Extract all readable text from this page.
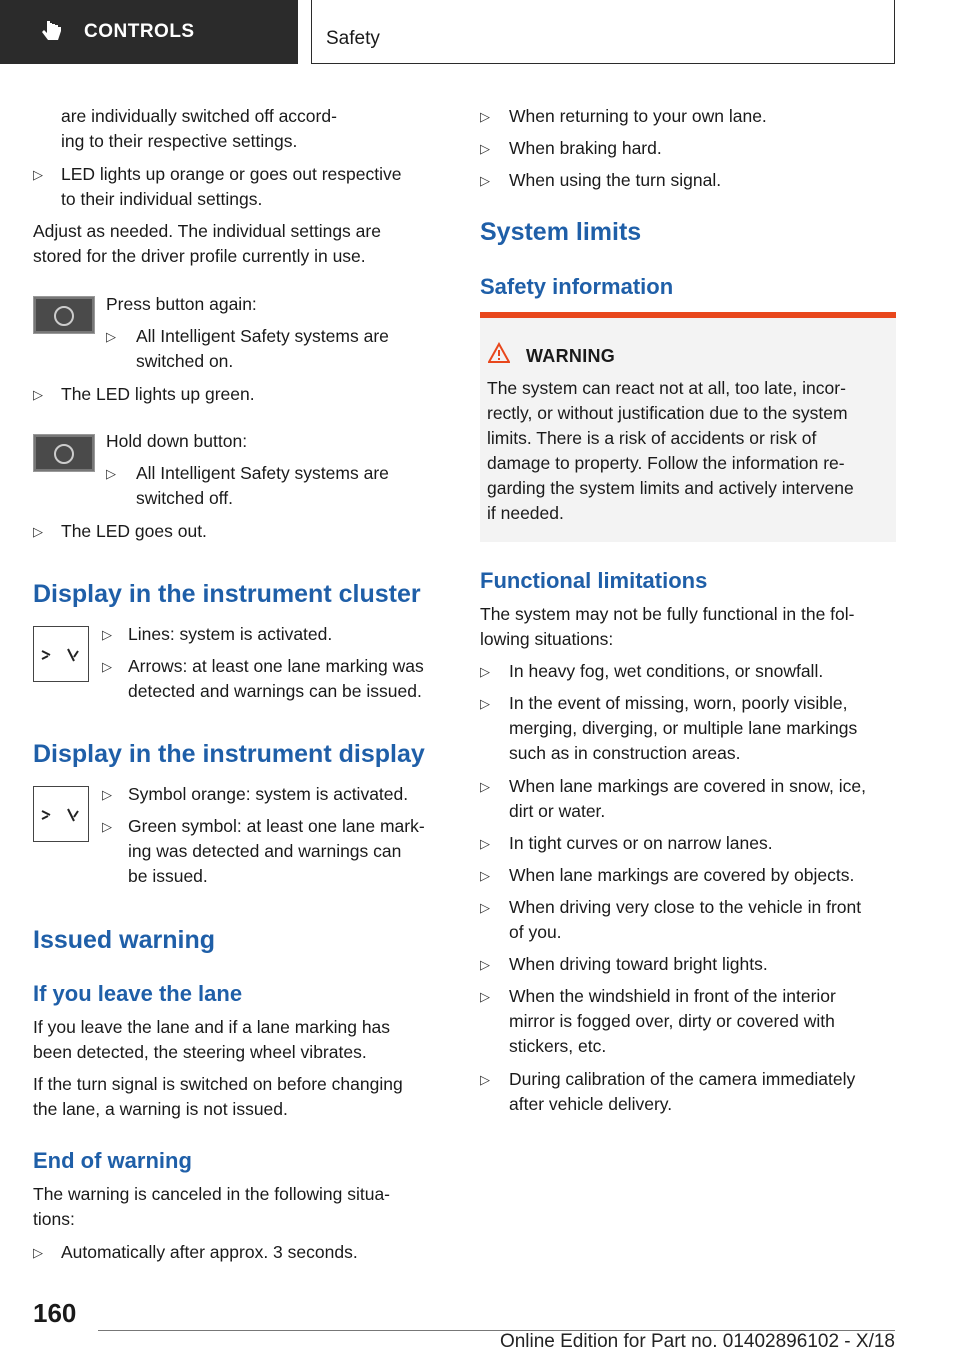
CONTROLS	Safety
are individually switched off accord-
ing to their respective settings.
▷ LED lights up orange or goes out respective
to their individual settings.

Adjust as needed. The individual settings are
stored for the driver profile currently in use.

Press button again:

▷ All Intelligent Safety systems are
switched on.
▷ The LED lights up green.

Hold down button:

▷ All Intelligent Safety systems are
switched off.
▷ The LED goes out.
Display in the instrument cluster
▷ Lines: system is activated.
▷ Arrows: at least one lane marking was
detected and warnings can be issued.
Display in the instrument display
▷ Symbol orange: system is activated.
▷ Green symbol: at least one lane mark-
ing was detected and warnings can
be issued.
Issued warning
If you leave the lane

If you leave the lane and if a lane marking has
been detected, the steering wheel vibrates.

If the turn signal is switched on before changing
the lane, a warning is not issued.

End of warning

The warning is canceled in the following situa-
tions:

▷ Automatically after approx. 3 seconds.
▷ When returning to your own lane.
▷ When braking hard.
▷ When using the turn signal.
System limits
Safety information
WARNING

The system can react not at all, too late, incor-
rectly, or without justification due to the system
limits. There is a risk of accidents or risk of
damage to property. Follow the information re-
garding the system limits and actively intervene
if needed.

Functional limitations

The system may not be fully functional in the fol-
lowing situations:

▷ In heavy fog, wet conditions, or snowfall.
▷ In the event of missing, worn, poorly visible,
merging, diverging, or multiple lane markings
such as in construction areas.
▷ When lane markings are covered in snow, ice,
dirt or water.
▷ In tight curves or on narrow lanes.
▷ When lane markings are covered by objects.
▷ When driving very close to the vehicle in front
of you.
▷ When driving toward bright lights.
▷ When the windshield in front of the interior
mirror is fogged over, dirty or covered with
stickers, etc.
▷ During calibration of the camera immediately
after vehicle delivery.
160
Online Edition for Part no. 01402896102 - X/18
